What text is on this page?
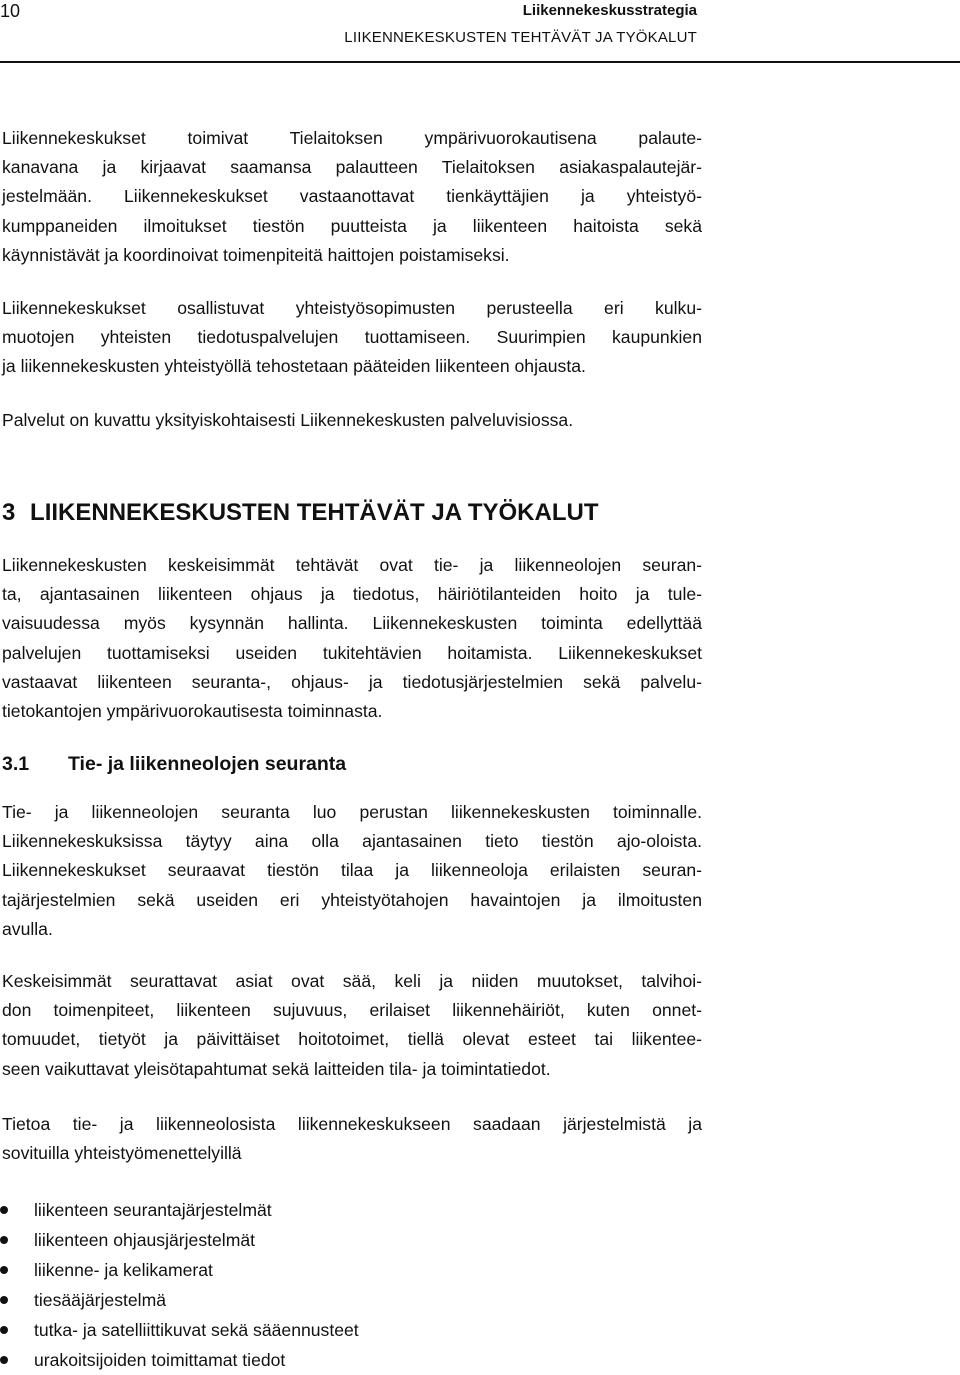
10	Liikennekeskusstrategia
LIIKENNEKESKUSTEN TEHTÄVÄT JA TYÖKALUT
Liikennekeskukset toimivat Tielaitoksen ympärivuorokautisena palaute-
kanavana ja kirjaavat saamansa palautteen Tielaitoksen asiakaspalautejär-
jestelmään. Liikennekeskukset vastaanottavat tienkäyttäjien ja yhteistyö-
kumppaneiden ilmoitukset tiestön puutteista ja liikenteen haitoista sekä
käynnistävät ja koordinoivat toimenpiteitä haittojen poistamiseksi.
Liikennekeskukset osallistuvat yhteistyösopimusten perusteella eri kulku-
muotojen yhteisten tiedotuspalvelujen tuottamiseen. Suurimpien kaupunkien
ja liikennekeskusten yhteistyöllä tehostetaan pääteiden liikenteen ohjausta.
Palvelut on kuvattu yksityiskohtaisesti Liikennekeskusten palveluvisiossa.
3 LIIKENNEKESKUSTEN TEHTÄVÄT JA TYÖKALUT
Liikennekeskusten keskeisimmät tehtävät ovat tie- ja liikenneolojen seuran-
ta, ajantasainen liikenteen ohjaus ja tiedotus, häiriötilanteiden hoito ja tule-
vaisuudessa myös kysynnän hallinta. Liikennekeskusten toiminta edellyttää
palvelujen tuottamiseksi useiden tukitehtävien hoitamista. Liikennekeskukset
vastaavat liikenteen seuranta-, ohjaus- ja tiedotusjärjestelmien sekä palvelu-
tietokantojen ympärivuorokautisesta toiminnasta.
3.1 Tie- ja liikenneolojen seuranta
Tie- ja liikenneolojen seuranta luo perustan liikennekeskusten toiminnalle.
Liikennekeskuksissa täytyy aina olla ajantasainen tieto tiestön ajo-oloista.
Liikennekeskukset seuraavat tiestön tilaa ja liikenneoloja erilaisten seuran-
tajärjestelmien sekä useiden eri yhteistyötahojen havaintojen ja ilmoitusten
avulla.
Keskeisimmät seurattavat asiat ovat sää, keli ja niiden muutokset, talvihoi-
don toimenpiteet, liikenteen sujuvuus, erilaiset liikennehäiriöt, kuten onnet-
tomuudet, tietyöt ja päivittäiset hoitotoimet, tiellä olevat esteet tai liikentee-
seen vaikuttavat yleisötapahtumat sekä laitteiden tila- ja toimintatiedot.
Tietoa tie- ja liikenneolosista liikennekeskukseen saadaan järjestelmistä ja
sovituilla yhteistyömenettelyillä
liikenteen seurantajärjestelmät
liikenteen ohjausjärjestelmät
liikenne- ja kelikamerat
tiesääjärjestelmä
tutka- ja satelliittikuvat sekä sääennusteet
urakoitsijoiden toimittamat tiedot
